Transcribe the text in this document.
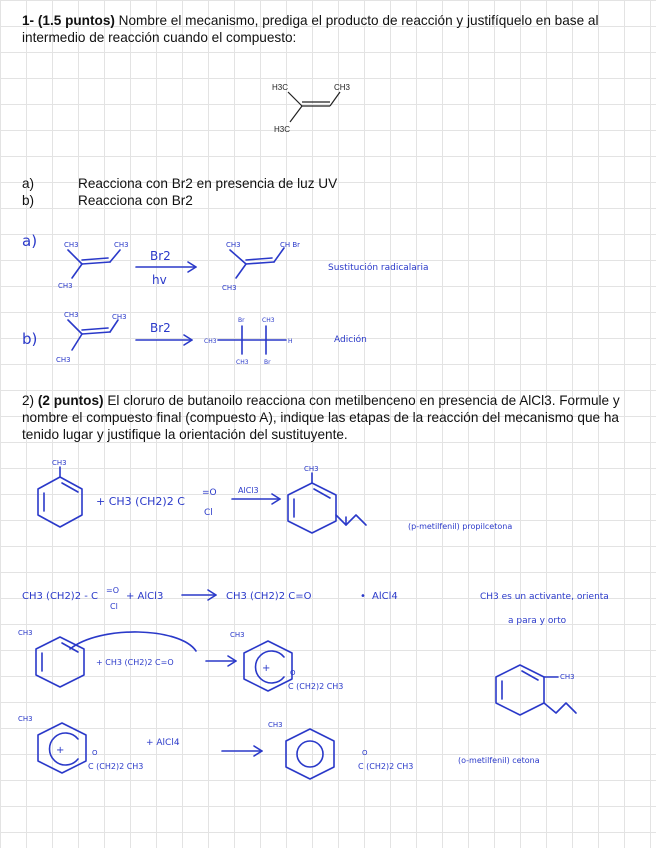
1- (1.5 puntos) Nombre el mecanismo, prediga el producto de reacción y justifíquelo en base al intermedio de reacción cuando el compuesto:
H3C	CH3
H3C
a)	Reacciona con Br2 en presencia de luz UV
b)	Reacciona con Br2
a)	CH3	CH3
CH3
Br2
hv
CH3	CH Br
CH3
Sustitución radicalaria
b)
CH3	CH3
CH3
Br2
CH3
Br	CH3
CH3	Br
H	Adición
2) (2 puntos) El cloruro de butanoilo reacciona con metilbenceno en presencia de AlCl3. Formule y nombre el compuesto final (compuesto A), indique las etapas de la reacción del mecanismo que ha tenido lugar y justifique la orientación del sustituyente.
CH3
+ CH3 (CH2)2 C
=O
Cl
AlCl3
CH3
(p-metilfenil) propilcetona
CH3 (CH2)2 - C
=O
Cl
+ AlCl3	CH3 (CH2)2 C=O	• AlCl4	CH3 es un activante, orienta
a para y orto
CH3
+ CH3 (CH2)2 C=O
+
CH3
O
C (CH2)2 CH3
CH3
+
CH3
O
C (CH2)2 CH3
+ AlCl4
CH3
O
C (CH2)2 CH3
(o-metilfenil) cetona
